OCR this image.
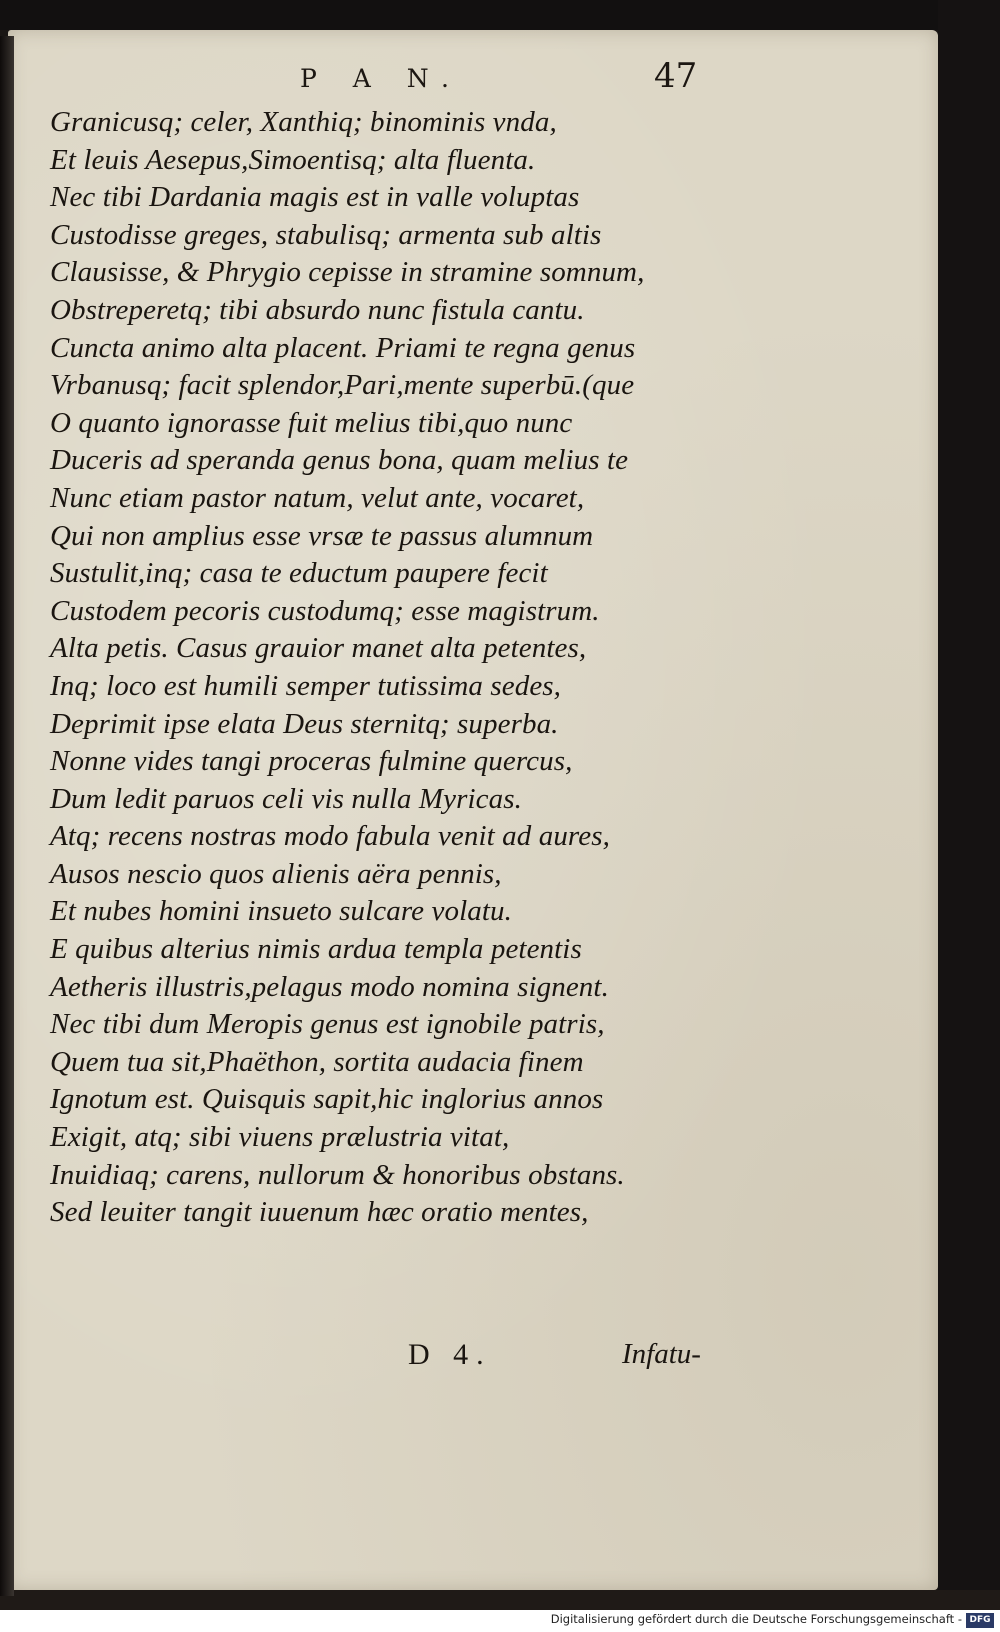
P A N.	47
Granicusq; celer, Xanthiq; binominis vnda,
Et leuis Aesepus,Simoentisq; alta fluenta.
Nec tibi Dardania magis est in valle voluptas
Custodisse greges, stabulisq; armenta sub altis
Clausisse, & Phrygio cepisse in stramine somnum,
Obstreperetq; tibi absurdo nunc fistula cantu.
Cuncta animo alta placent. Priami te regna genus
Vrbanusq; facit splendor,Pari,mente superbū.(que
O quanto ignorasse fuit melius tibi,quo nunc
Duceris ad speranda genus bona, quam melius te
Nunc etiam pastor natum, velut ante, vocaret,
Qui non amplius esse vrsæ te passus alumnum
Sustulit,inq; casa te eductum paupere fecit
Custodem pecoris custodumq; esse magistrum.
Alta petis. Casus grauior manet alta petentes,
Inq; loco est humili semper tutissima sedes,
Deprimit ipse elata Deus sternitq; superba.
Nonne vides tangi proceras fulmine quercus,
Dum ledit paruos celi vis nulla Myricas.
Atq; recens nostras modo fabula venit ad aures,
Ausos nescio quos alienis aëra pennis,
Et nubes homini insueto sulcare volatu.
E quibus alterius nimis ardua templa petentis
Aetheris illustris,pelagus modo nomina signent.
Nec tibi dum Meropis genus est ignobile patris,
Quem tua sit,Phaëthon, sortita audacia finem
Ignotum est. Quisquis sapit,hic inglorius annos
Exigit, atq; sibi viuens prælustria vitat,
Inuidiaq; carens, nullorum & honoribus obstans.
Sed leuiter tangit iuuenum hæc oratio mentes,
D 4.	Infatu-
Digitalisierung gefördert durch die Deutsche Forschungsgemeinschaft - DFG
